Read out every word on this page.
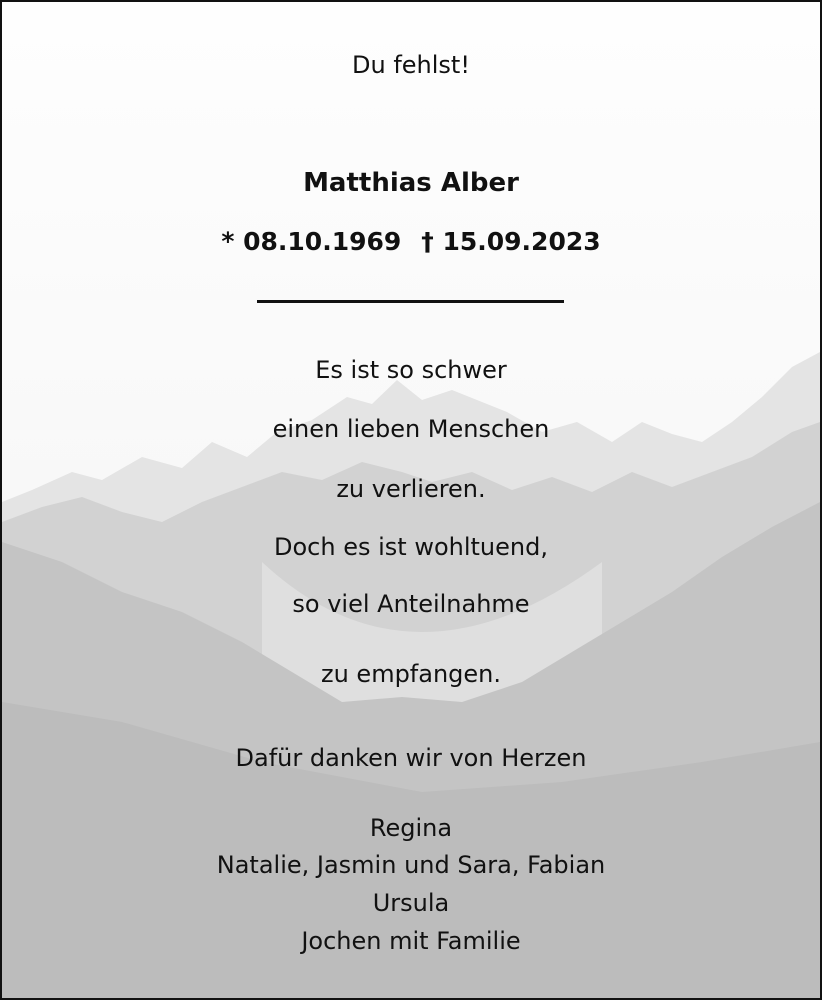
Du fehlst!
Matthias Alber
* 08.10.1969 † 15.09.2023
Es ist so schwer
einen lieben Menschen
zu verlieren.
Doch es ist wohltuend,
so viel Anteilnahme
zu empfangen.
Dafür danken wir von Herzen
Regina
Natalie, Jasmin und Sara, Fabian
Ursula
Jochen mit Familie
